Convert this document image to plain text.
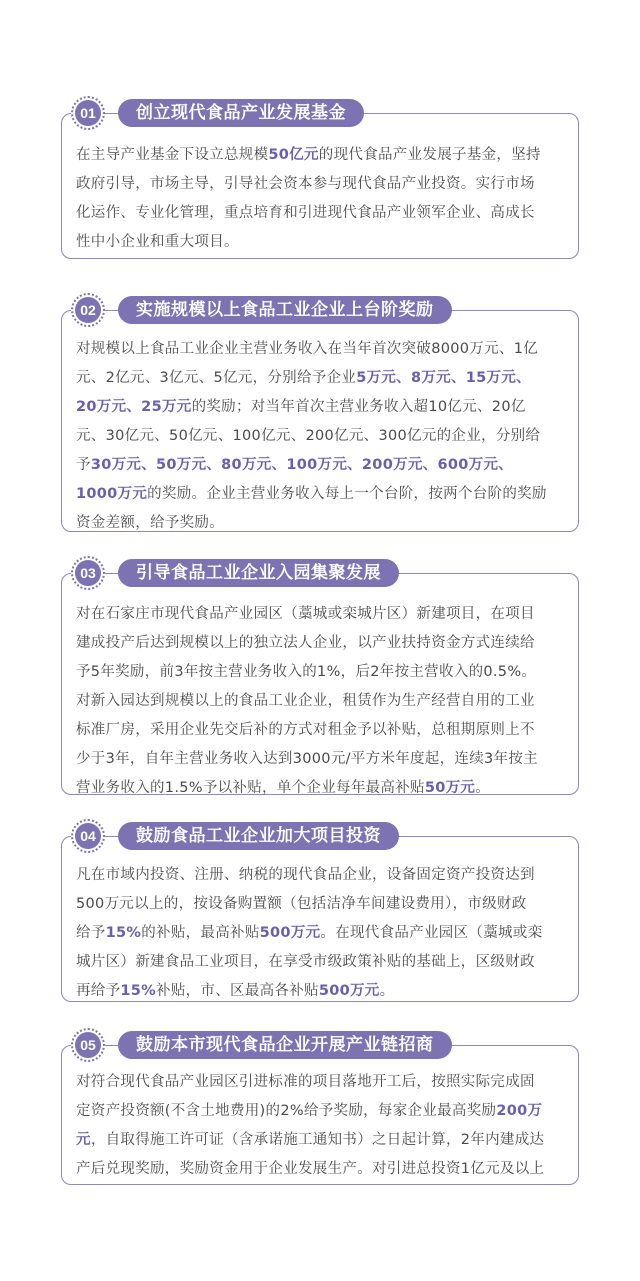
在主导产业基金下设立总规模50亿元的现代食品产业发展子基金，坚持
政府引导，市场主导，引导社会资本参与现代食品产业投资。实行市场
化运作、专业化管理，重点培育和引进现代食品产业领军企业、高成长
性中小企业和重大项目。
01	创立现代食品产业发展基金
对规模以上食品工业企业主营业务收入在当年首次突破8000万元、1亿
元、2亿元、3亿元、5亿元，分别给予企业5万元、8万元、15万元、
20万元、25万元的奖励；对当年首次主营业务收入超10亿元、20亿
元、30亿元、50亿元、100亿元、200亿元、300亿元的企业，分别给
予30万元、50万元、80万元、100万元、200万元、600万元、
1000万元的奖励。企业主营业务收入每上一个台阶，按两个台阶的奖励
资金差额，给予奖励。
02	实施规模以上食品工业企业上台阶奖励
对在石家庄市现代食品产业园区（藁城或栾城片区）新建项目，在项目
建成投产后达到规模以上的独立法人企业，以产业扶持资金方式连续给
予5年奖励，前3年按主营业务收入的1%，后2年按主营收入的0.5%。
对新入园达到规模以上的食品工业企业，租赁作为生产经营自用的工业
标准厂房，采用企业先交后补的方式对租金予以补贴，总租期原则上不
少于3年，自年主营业务收入达到3000元/平方米年度起，连续3年按主
营业务收入的1.5%予以补贴，单个企业每年最高补贴50万元。
03	引导食品工业企业入园集聚发展
凡在市域内投资、注册、纳税的现代食品企业，设备固定资产投资达到
500万元以上的，按设备购置额（包括洁净车间建设费用），市级财政
给予15%的补贴，最高补贴500万元。在现代食品产业园区（藁城或栾
城片区）新建食品工业项目，在享受市级政策补贴的基础上，区级财政
再给予15%补贴，市、区最高各补贴500万元。
04	鼓励食品工业企业加大项目投资
对符合现代食品产业园区引进标准的项目落地开工后，按照实际完成固
定资产投资额(不含土地费用)的2%给予奖励，每家企业最高奖励200万
元，自取得施工许可证（含承诺施工通知书）之日起计算，2年内建成达
产后兑现奖励，奖励资金用于企业发展生产。对引进总投资1亿元及以上
05	鼓励本市现代食品企业开展产业链招商
